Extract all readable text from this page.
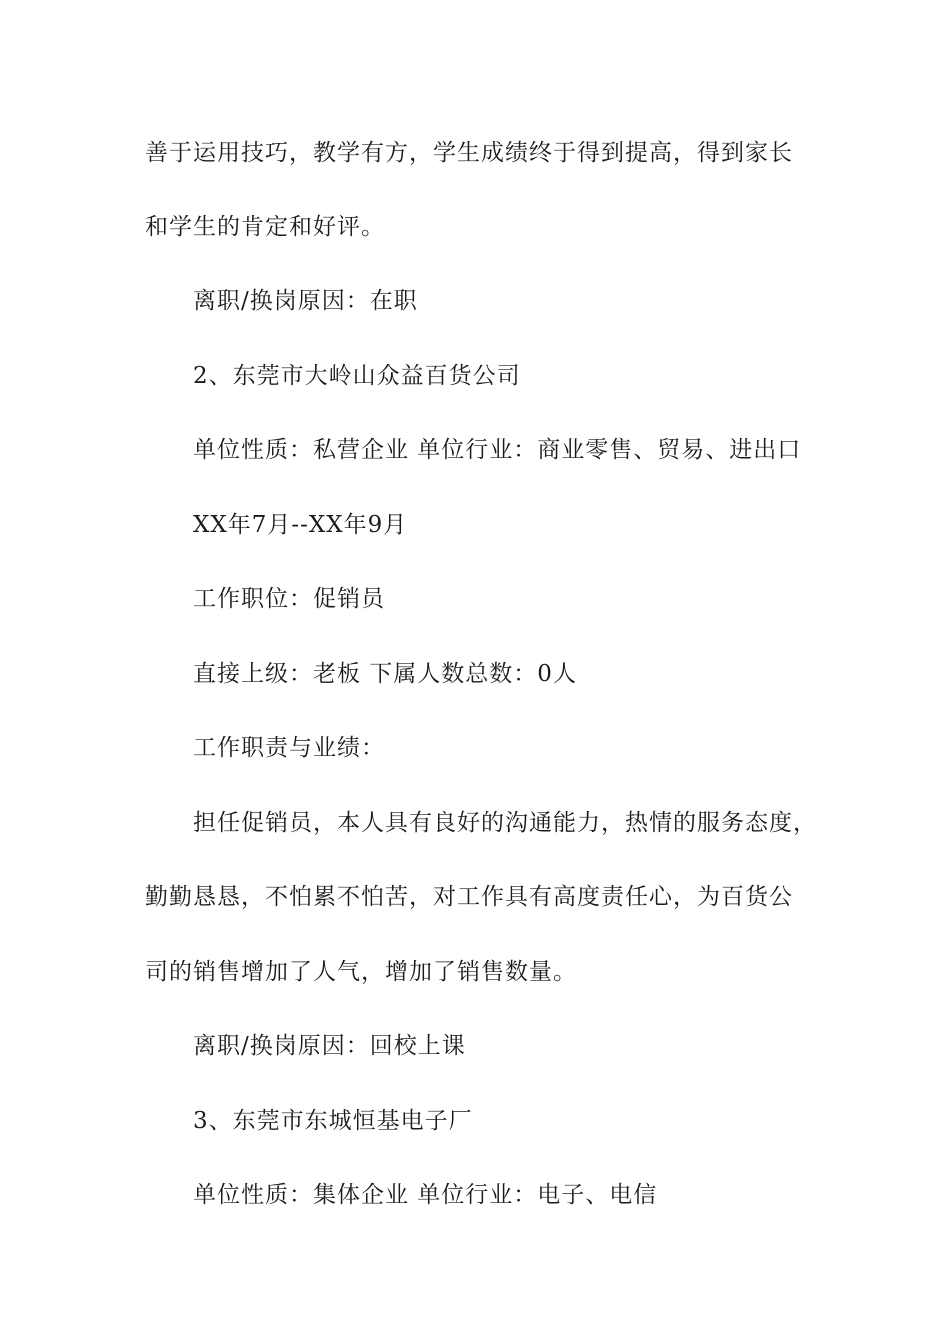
善于运用技巧，教学有方，学生成绩终于得到提高，得到家长
和学生的肯定和好评。
离职/换岗原因：在职
2、东莞市大岭山众益百货公司
单位性质：私营企业 单位行业：商业零售、贸易、进出口
XX年7月--XX年9月
工作职位：促销员
直接上级：老板 下属人数总数：0人
工作职责与业绩：
担任促销员，本人具有良好的沟通能力，热情的服务态度，
勤勤恳恳，不怕累不怕苦，对工作具有高度责任心，为百货公
司的销售增加了人气，增加了销售数量。
离职/换岗原因：回校上课
3、东莞市东城恒基电子厂
单位性质：集体企业 单位行业：电子、电信
